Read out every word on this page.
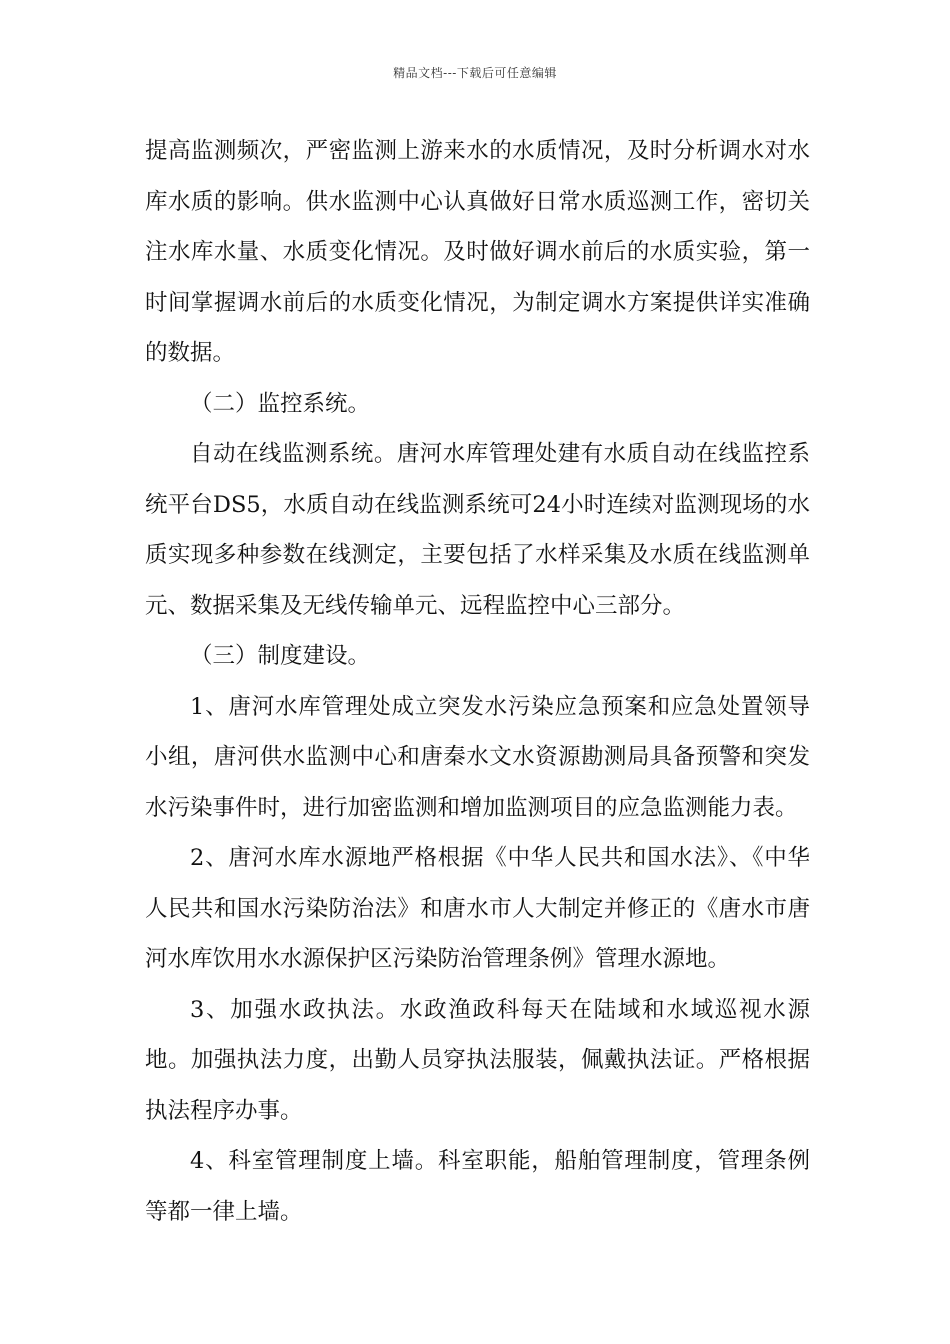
精品文档---下载后可任意编辑

提高监测频次，严密监测上游来水的水质情况，及时分析调水对水库水质的影响。供水监测中心认真做好日常水质巡测工作，密切关注水库水量、水质变化情况。及时做好调水前后的水质实验，第一时间掌握调水前后的水质变化情况，为制定调水方案提供详实准确的数据。

（二）监控系统。

自动在线监测系统。唐河水库管理处建有水质自动在线监控系统平台DS5，水质自动在线监测系统可24小时连续对监测现场的水质实现多种参数在线测定，主要包括了水样采集及水质在线监测单元、数据采集及无线传输单元、远程监控中心三部分。

（三）制度建设。

1、唐河水库管理处成立突发水污染应急预案和应急处置领导小组，唐河供水监测中心和唐秦水文水资源勘测局具备预警和突发水污染事件时，进行加密监测和增加监测项目的应急监测能力表。

2、唐河水库水源地严格根据《中华人民共和国水法》、《中华人民共和国水污染防治法》和唐水市人大制定并修正的《唐水市唐河水库饮用水水源保护区污染防治管理条例》管理水源地。

3、加强水政执法。水政渔政科每天在陆域和水域巡视水源地。加强执法力度，出勤人员穿执法服装，佩戴执法证。严格根据执法程序办事。

4、科室管理制度上墙。科室职能，船舶管理制度，管理条例等都一律上墙。
